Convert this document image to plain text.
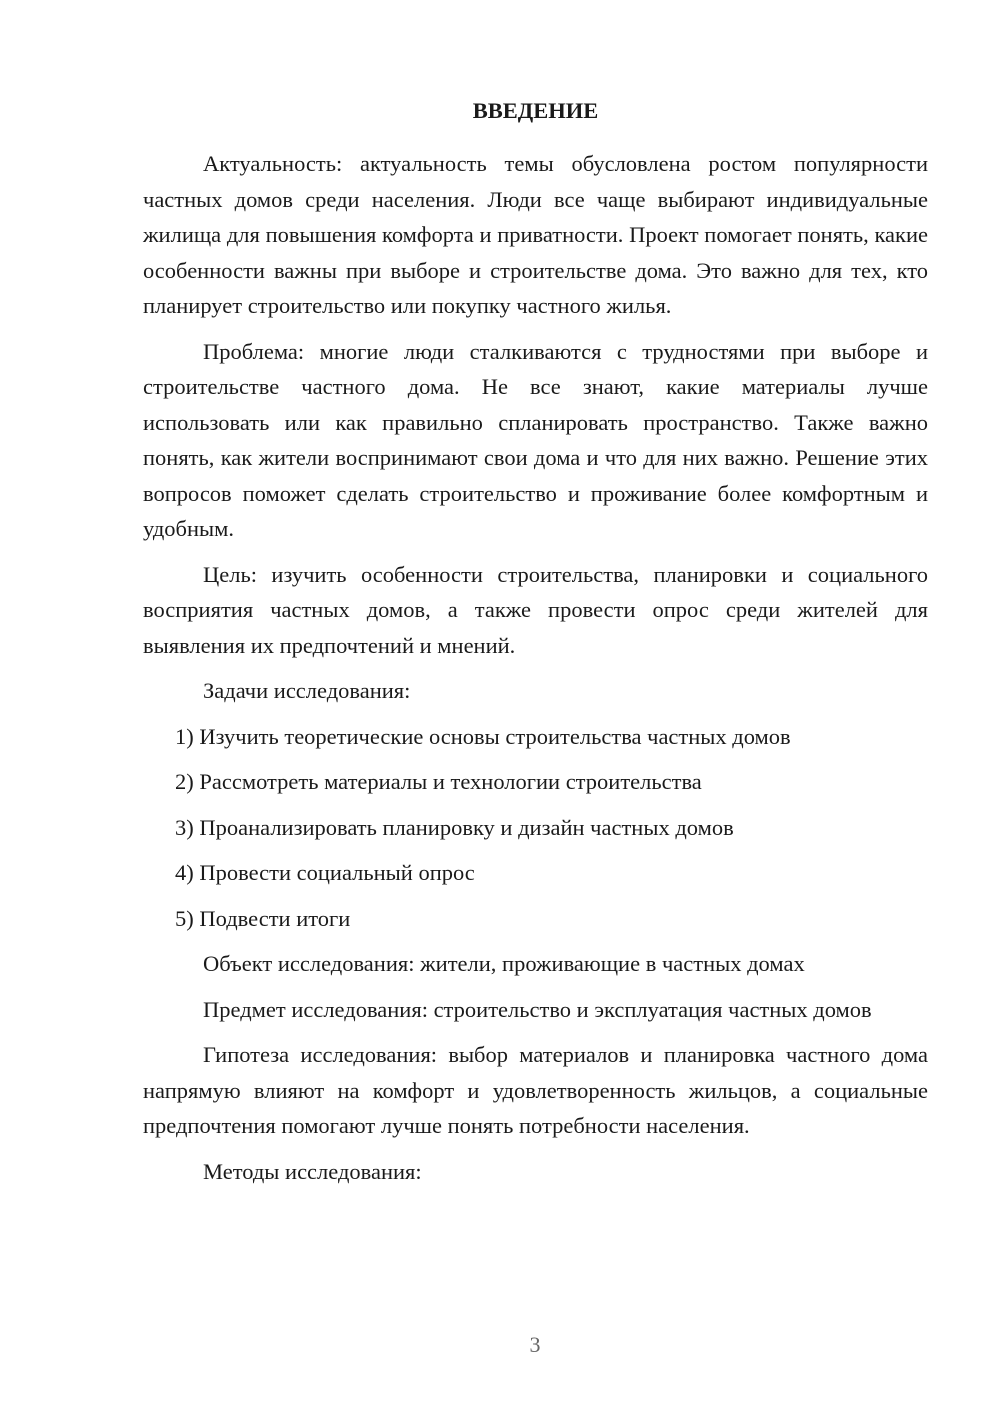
ВВЕДЕНИЕ

Актуальность: актуальность темы обусловлена ростом популярности частных домов среди населения. Люди все чаще выбирают индивидуальные жилища для повышения комфорта и приватности. Проект помогает понять, какие особенности важны при выборе и строительстве дома. Это важно для тех, кто планирует строительство или покупку частного жилья.

Проблема: многие люди сталкиваются с трудностями при выборе и строительстве частного дома. Не все знают, какие материалы лучше использовать или как правильно спланировать пространство. Также важно понять, как жители воспринимают свои дома и что для них важно. Решение этих вопросов поможет сделать строительство и проживание более комфортным и удобным.

Цель: изучить особенности строительства, планировки и социального восприятия частных домов, а также провести опрос среди жителей для выявления их предпочтений и мнений.

Задачи исследования:

1) Изучить теоретические основы строительства частных домов
2) Рассмотреть материалы и технологии строительства
3) Проанализировать планировку и дизайн частных домов
4) Провести социальный опрос
5) Подвести итоги

Объект исследования: жители, проживающие в частных домах

Предмет исследования: строительство и эксплуатация частных домов

Гипотеза исследования: выбор материалов и планировка частного дома напрямую влияют на комфорт и удовлетворенность жильцов, а социальные предпочтения помогают лучше понять потребности населения.

Методы исследования:

3
